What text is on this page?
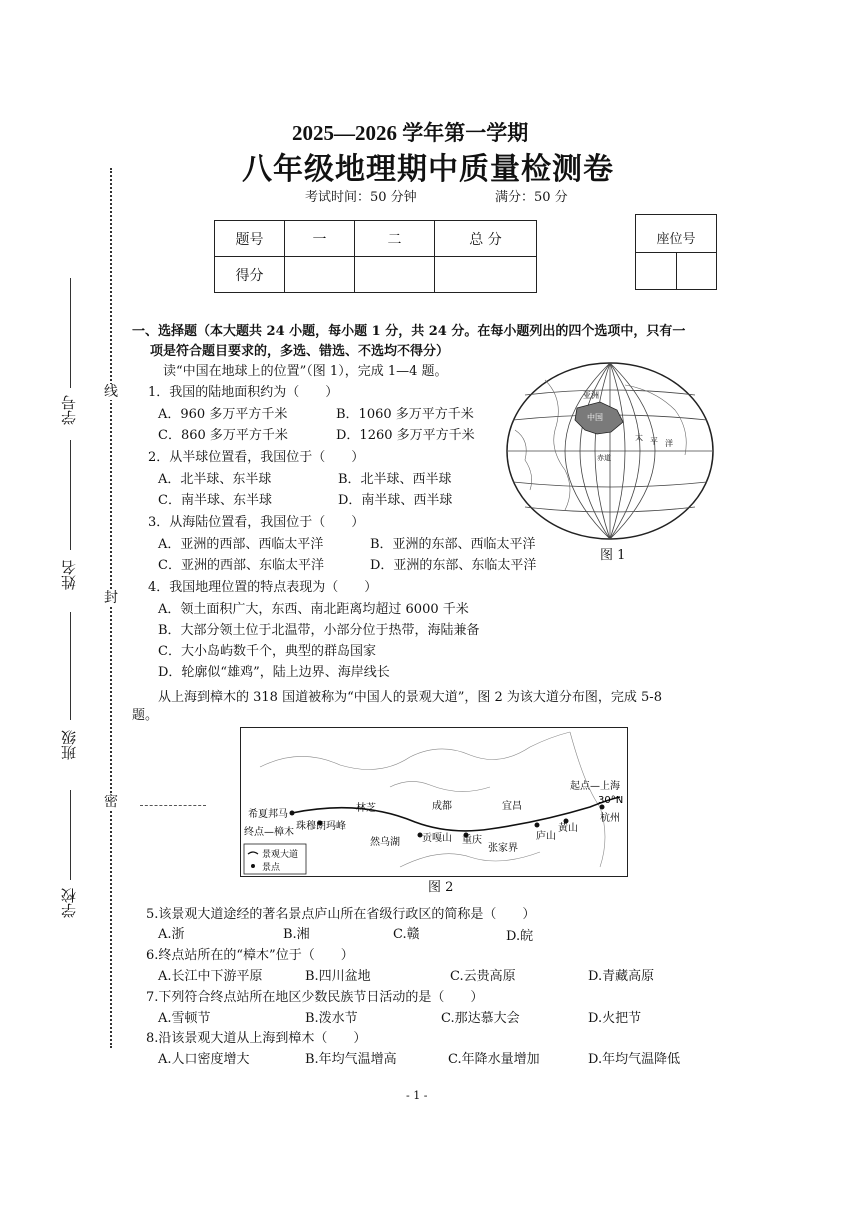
线
封
密
学校
班级
姓名
学号
2025—2026 学年第一学期
八年级地理期中质量检测卷
考试时间：50 分钟	满分：50 分
题号	一	二	总 分
得分			
座位号
一、选择题（本大题共 24 小题，每小题 1 分，共 24 分。在每小题列出的四个选项中，只有一
项是符合题目要求的，多选、错选、不选均不得分）
读“中国在地球上的位置”（图 1），完成 1—4 题。
1．我国的陆地面积约为（　　）
A．960 多万平方千米	B．1060 多万平方千米
C．860 多万平方千米	D．1260 多万平方千米
2．从半球位置看，我国位于（　　）
A．北半球、东半球	B．北半球、西半球
C．南半球、东半球	D．南半球、西半球
3．从海陆位置看，我国位于（　　）
A．亚洲的西部、西临太平洋	B．亚洲的东部、西临太平洋
C．亚洲的西部、东临太平洋	D．亚洲的东部、东临太平洋
4．我国地理位置的特点表现为（　　）
A．领土面积广大，东西、南北距离均超过 6000 千米
B．大部分领土位于北温带，小部分位于热带，海陆兼备
C．大小岛屿数千个，典型的群岛国家
D．轮廓似“雄鸡”，陆上边界、海岸线长
亚洲
中国
太 平 洋
赤道
图 1
从上海到樟木的 318 国道被称为“中国人的景观大道”，图 2 为该大道分布图，完成 5-8
题。
起点—上海
30°N
希夏邦马
珠穆朗玛峰
林芝	成都	宜昌
终点—樟木
贡嘎山 重庆	庐山
黄山
杭州
然乌湖
张家界
景观大道
景点
图 2
5.该景观大道途经的著名景点庐山所在省级行政区的简称是（　　）
A.浙	B.湘	C.赣	D.皖
6.终点站所在的“樟木”位于（　　）
A.长江中下游平原	B.四川盆地	C.云贵高原	D.青藏高原
7.下列符合终点站所在地区少数民族节日活动的是（　　）
A.雪顿节	B.泼水节	C.那达慕大会	D.火把节
8.沿该景观大道从上海到樟木（　　）
A.人口密度增大	B.年均气温增高	C.年降水量增加	D.年均气温降低
- 1 -
